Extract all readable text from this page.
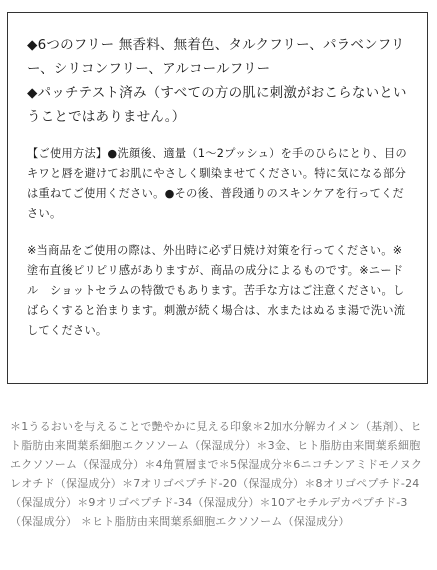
◆6つのフリー 無香料、無着色、タルクフリー、パラベンフリー、シリコンフリー、アルコールフリー

◆パッチテスト済み（すべての方の肌に刺激がおこらないということではありません。）

【ご使用方法】●洗顔後、適量（1〜2プッシュ）を手のひらにとり、目のキワと唇を避けてお肌にやさしく馴染ませてください。特に気になる部分は重ねてご使用ください。●その後、普段通りのスキンケアを行ってください。

※当商品をご使用の際は、外出時に必ず日焼け対策を行ってください。※塗布直後ピリピリ感がありますが、商品の成分によるものです。※ニードル　ショットセラムの特徴でもあります。苦手な方はご注意ください。しばらくすると治まります。刺激が続く場合は、水またはぬるま湯で洗い流してください。

＊1うるおいを与えることで艶やかに見える印象＊2加水分解カイメン（基剤）、ヒト脂肪由来間葉系細胞エクソソーム（保湿成分）＊3金、ヒト脂肪由来間葉系細胞エクソソーム（保湿成分）＊4角質層まで＊5保湿成分＊6ニコチンアミドモノヌクレオチド（保湿成分）＊7オリゴペプチド-20（保湿成分）＊8オリゴペプチド-24（保湿成分）＊9オリゴペプチド-34（保湿成分）＊10アセチルデカペプチド-3（保湿成分） ＊ヒト脂肪由来間葉系細胞エクソソーム（保湿成分）
